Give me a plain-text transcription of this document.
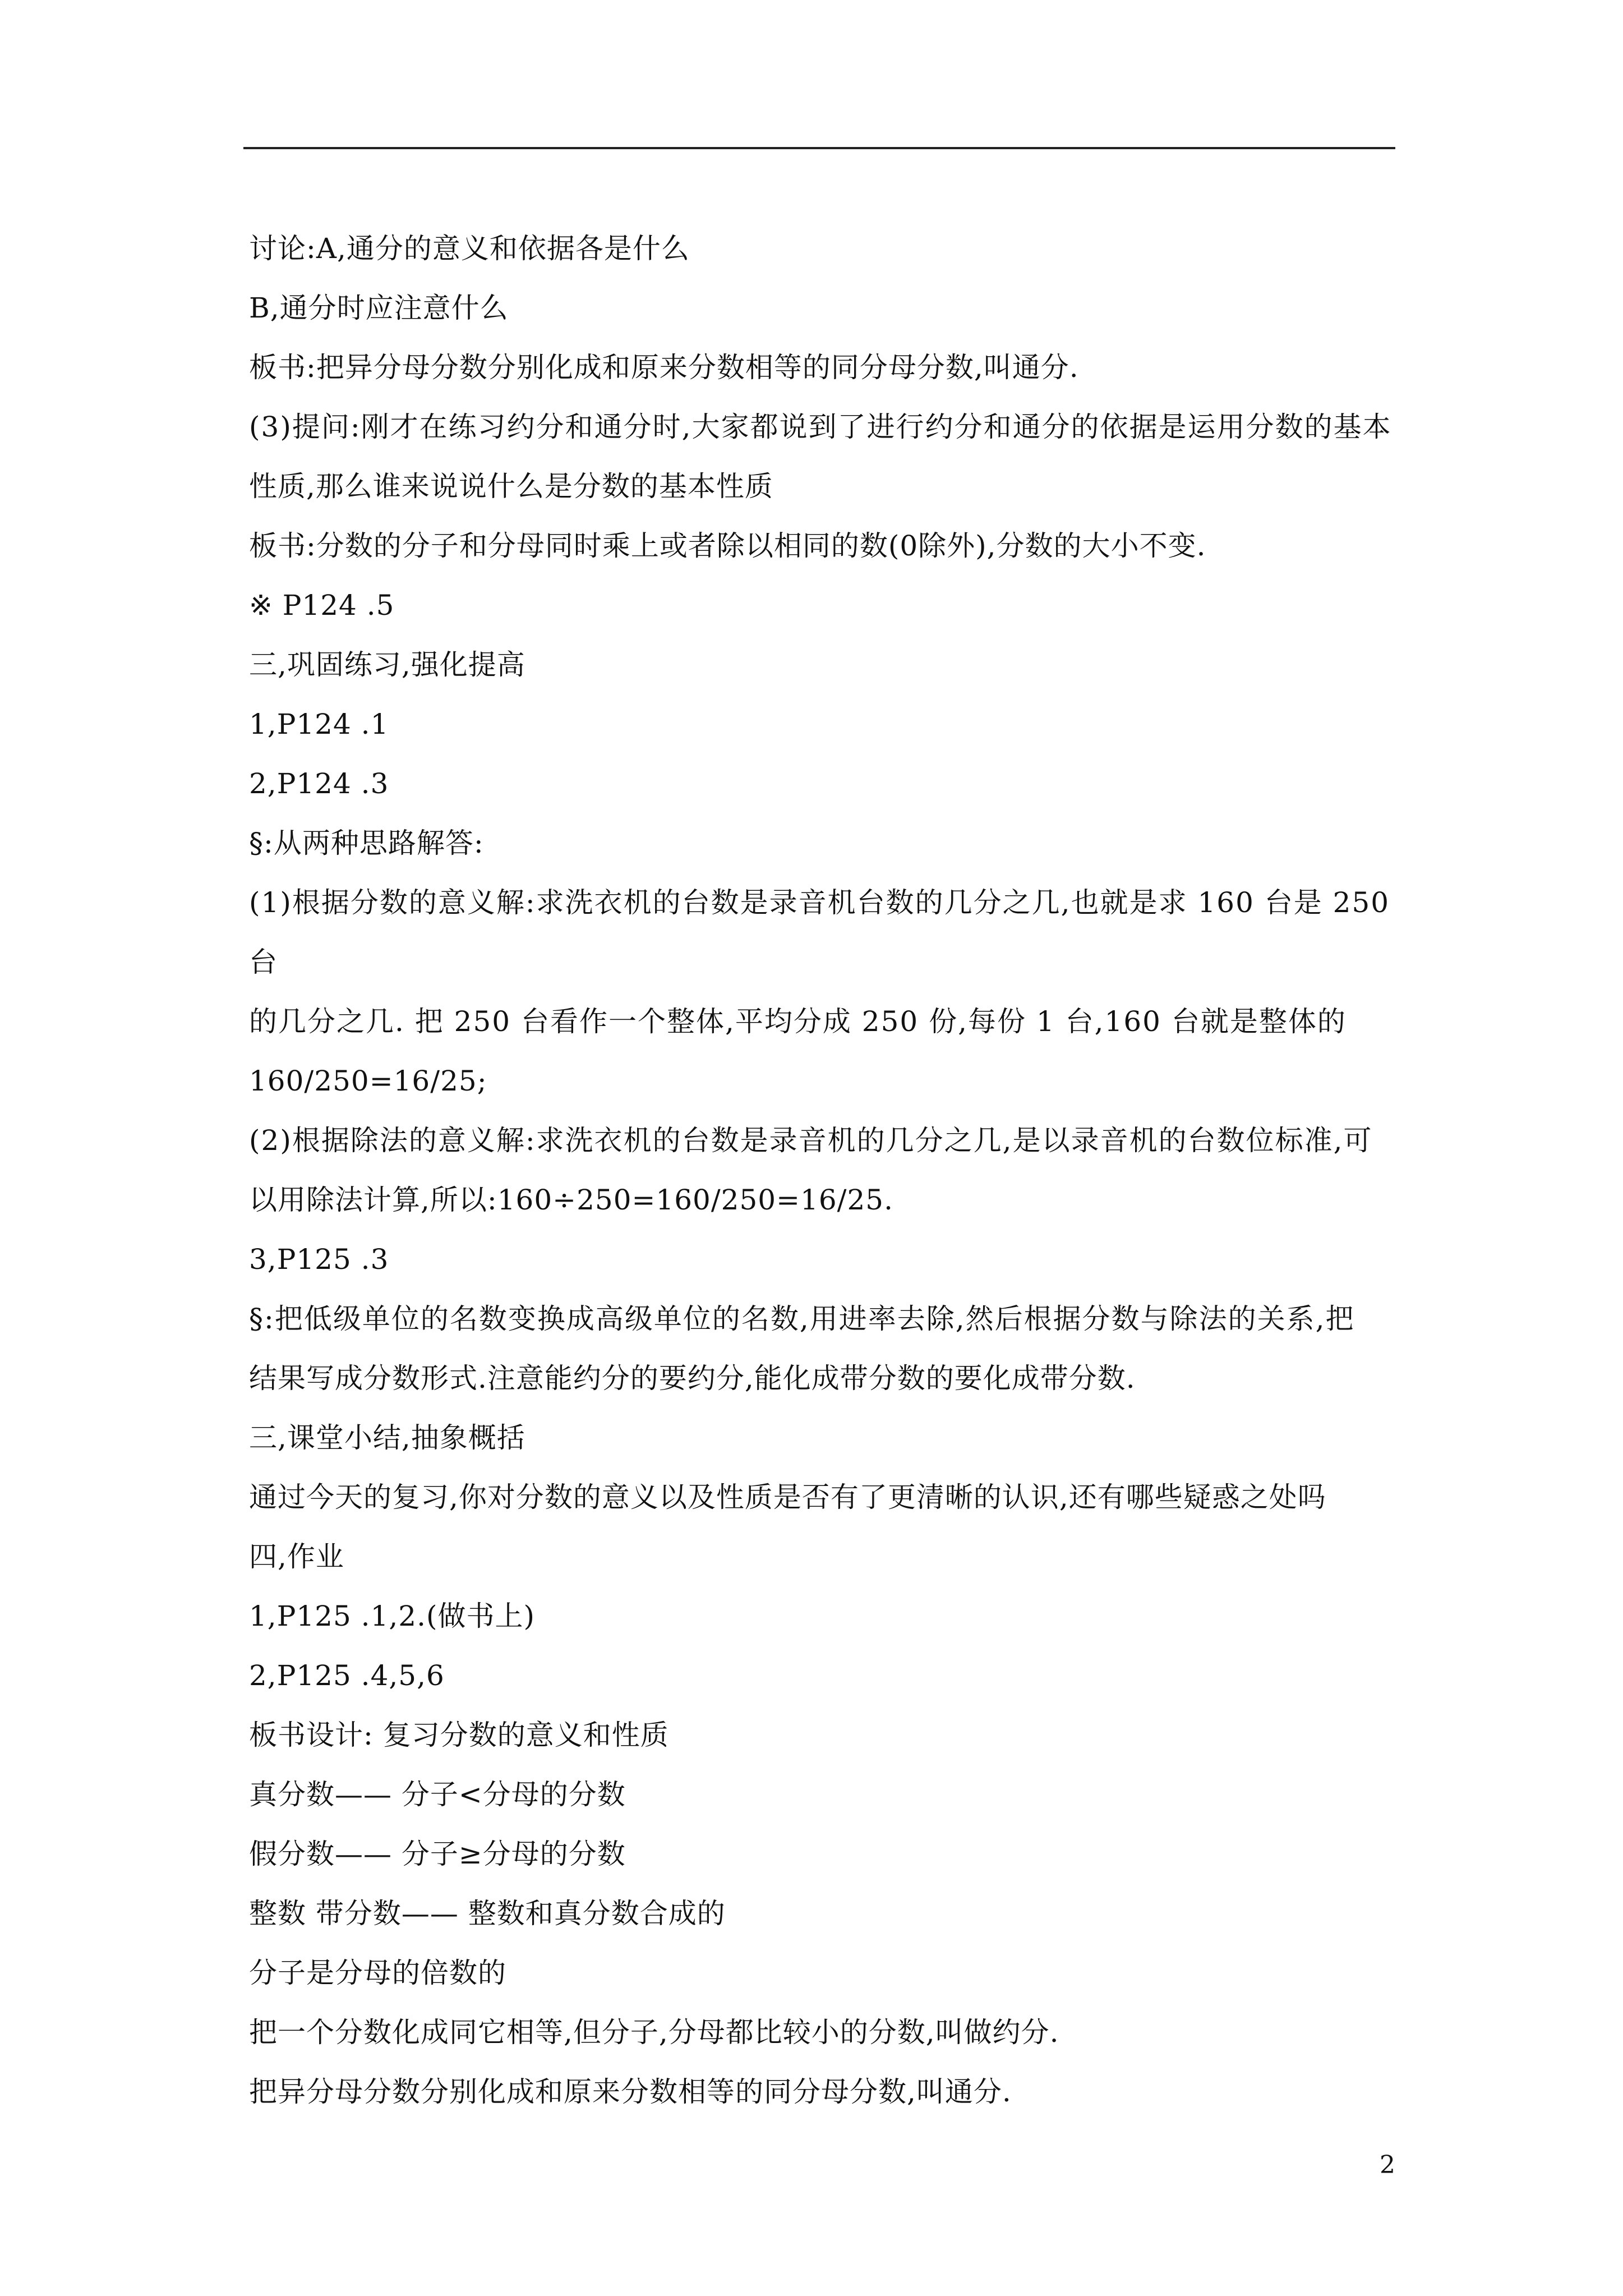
讨论:A,通分的意义和依据各是什么
B,通分时应注意什么
板书:把异分母分数分别化成和原来分数相等的同分母分数,叫通分.
(3)提问:刚才在练习约分和通分时,大家都说到了进行约分和通分的依据是运用分数的基本
性质,那么谁来说说什么是分数的基本性质
板书:分数的分子和分母同时乘上或者除以相同的数(0除外),分数的大小不变.
※ P124 .5
三,巩固练习,强化提高
1,P124 .1
2,P124 .3
§:从两种思路解答:
(1)根据分数的意义解:求洗衣机的台数是录音机台数的几分之几,也就是求 160 台是 250 台
的几分之几. 把 250 台看作一个整体,平均分成 250 份,每份 1 台,160 台就是整体的
160/250=16/25;
(2)根据除法的意义解:求洗衣机的台数是录音机的几分之几,是以录音机的台数位标准,可
以用除法计算,所以:160÷250=160/250=16/25.
3,P125 .3
§:把低级单位的名数变换成高级单位的名数,用进率去除,然后根据分数与除法的关系,把
结果写成分数形式.注意能约分的要约分,能化成带分数的要化成带分数.
三,课堂小结,抽象概括
通过今天的复习,你对分数的意义以及性质是否有了更清晰的认识,还有哪些疑惑之处吗
四,作业
1,P125 .1,2.(做书上)
2,P125 .4,5,6
板书设计: 复习分数的意义和性质
真分数—— 分子<分母的分数
假分数—— 分子≥分母的分数
整数 带分数—— 整数和真分数合成的
分子是分母的倍数的
把一个分数化成同它相等,但分子,分母都比较小的分数,叫做约分.
把异分母分数分别化成和原来分数相等的同分母分数,叫通分.
2
